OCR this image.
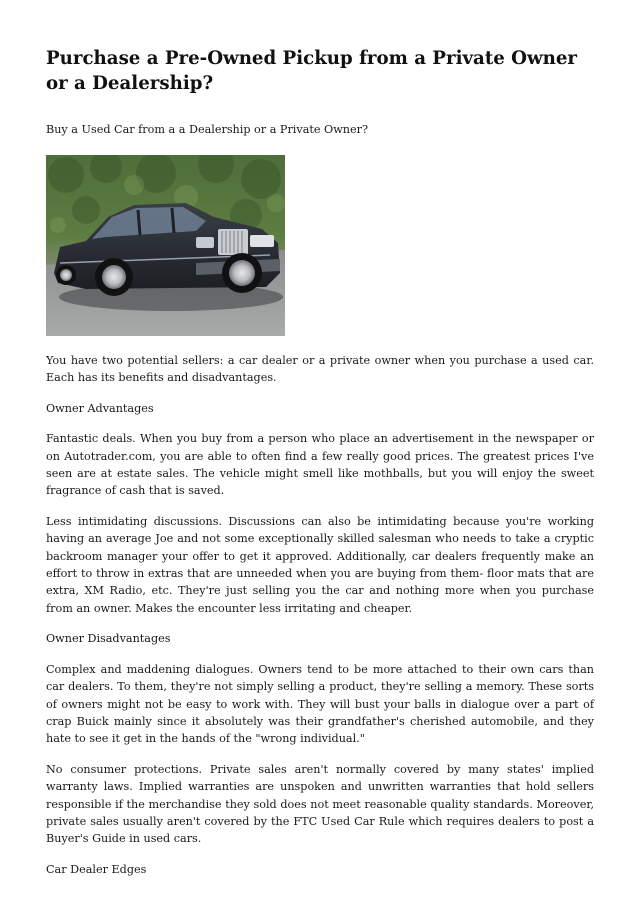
Purchase a Pre-Owned Pickup from a Private Owner or a Dealership?
Buy a Used Car from a a Dealership or a Private Owner?

You have two potential sellers: a car dealer or a private owner when you purchase a used car. Each has its benefits and disadvantages.

Owner Advantages

Fantastic deals. When you buy from a person who place an advertisement in the newspaper or on Autotrader.com, you are able to often find a few really good prices. The greatest prices I've seen are at estate sales. The vehicle might smell like mothballs, but you will enjoy the sweet fragrance of cash that is saved.

Less intimidating discussions. Discussions can also be intimidating because you're working having an average Joe and not some exceptionally skilled salesman who needs to take a cryptic backroom manager your offer to get it approved. Additionally, car dealers frequently make an effort to throw in extras that are unneeded when you are buying from them- floor mats that are extra, XM Radio, etc. They're just selling you the car and nothing more when you purchase from an owner. Makes the encounter less irritating and cheaper.

Owner Disadvantages

Complex and maddening dialogues. Owners tend to be more attached to their own cars than car dealers. To them, they're not simply selling a product, they're selling a memory. These sorts of owners might not be easy to work with. They will bust your balls in dialogue over a part of crap Buick mainly since it absolutely was their grandfather's cherished automobile, and they hate to see it get in the hands of the "wrong individual."

No consumer protections. Private sales aren't normally covered by many states' implied warranty laws. Implied warranties are unspoken and unwritten warranties that hold sellers responsible if the merchandise they sold does not meet reasonable quality standards. Moreover, private sales usually aren't covered by the FTC Used Car Rule which requires dealers to post a Buyer's Guide in used cars.

Car Dealer Edges
